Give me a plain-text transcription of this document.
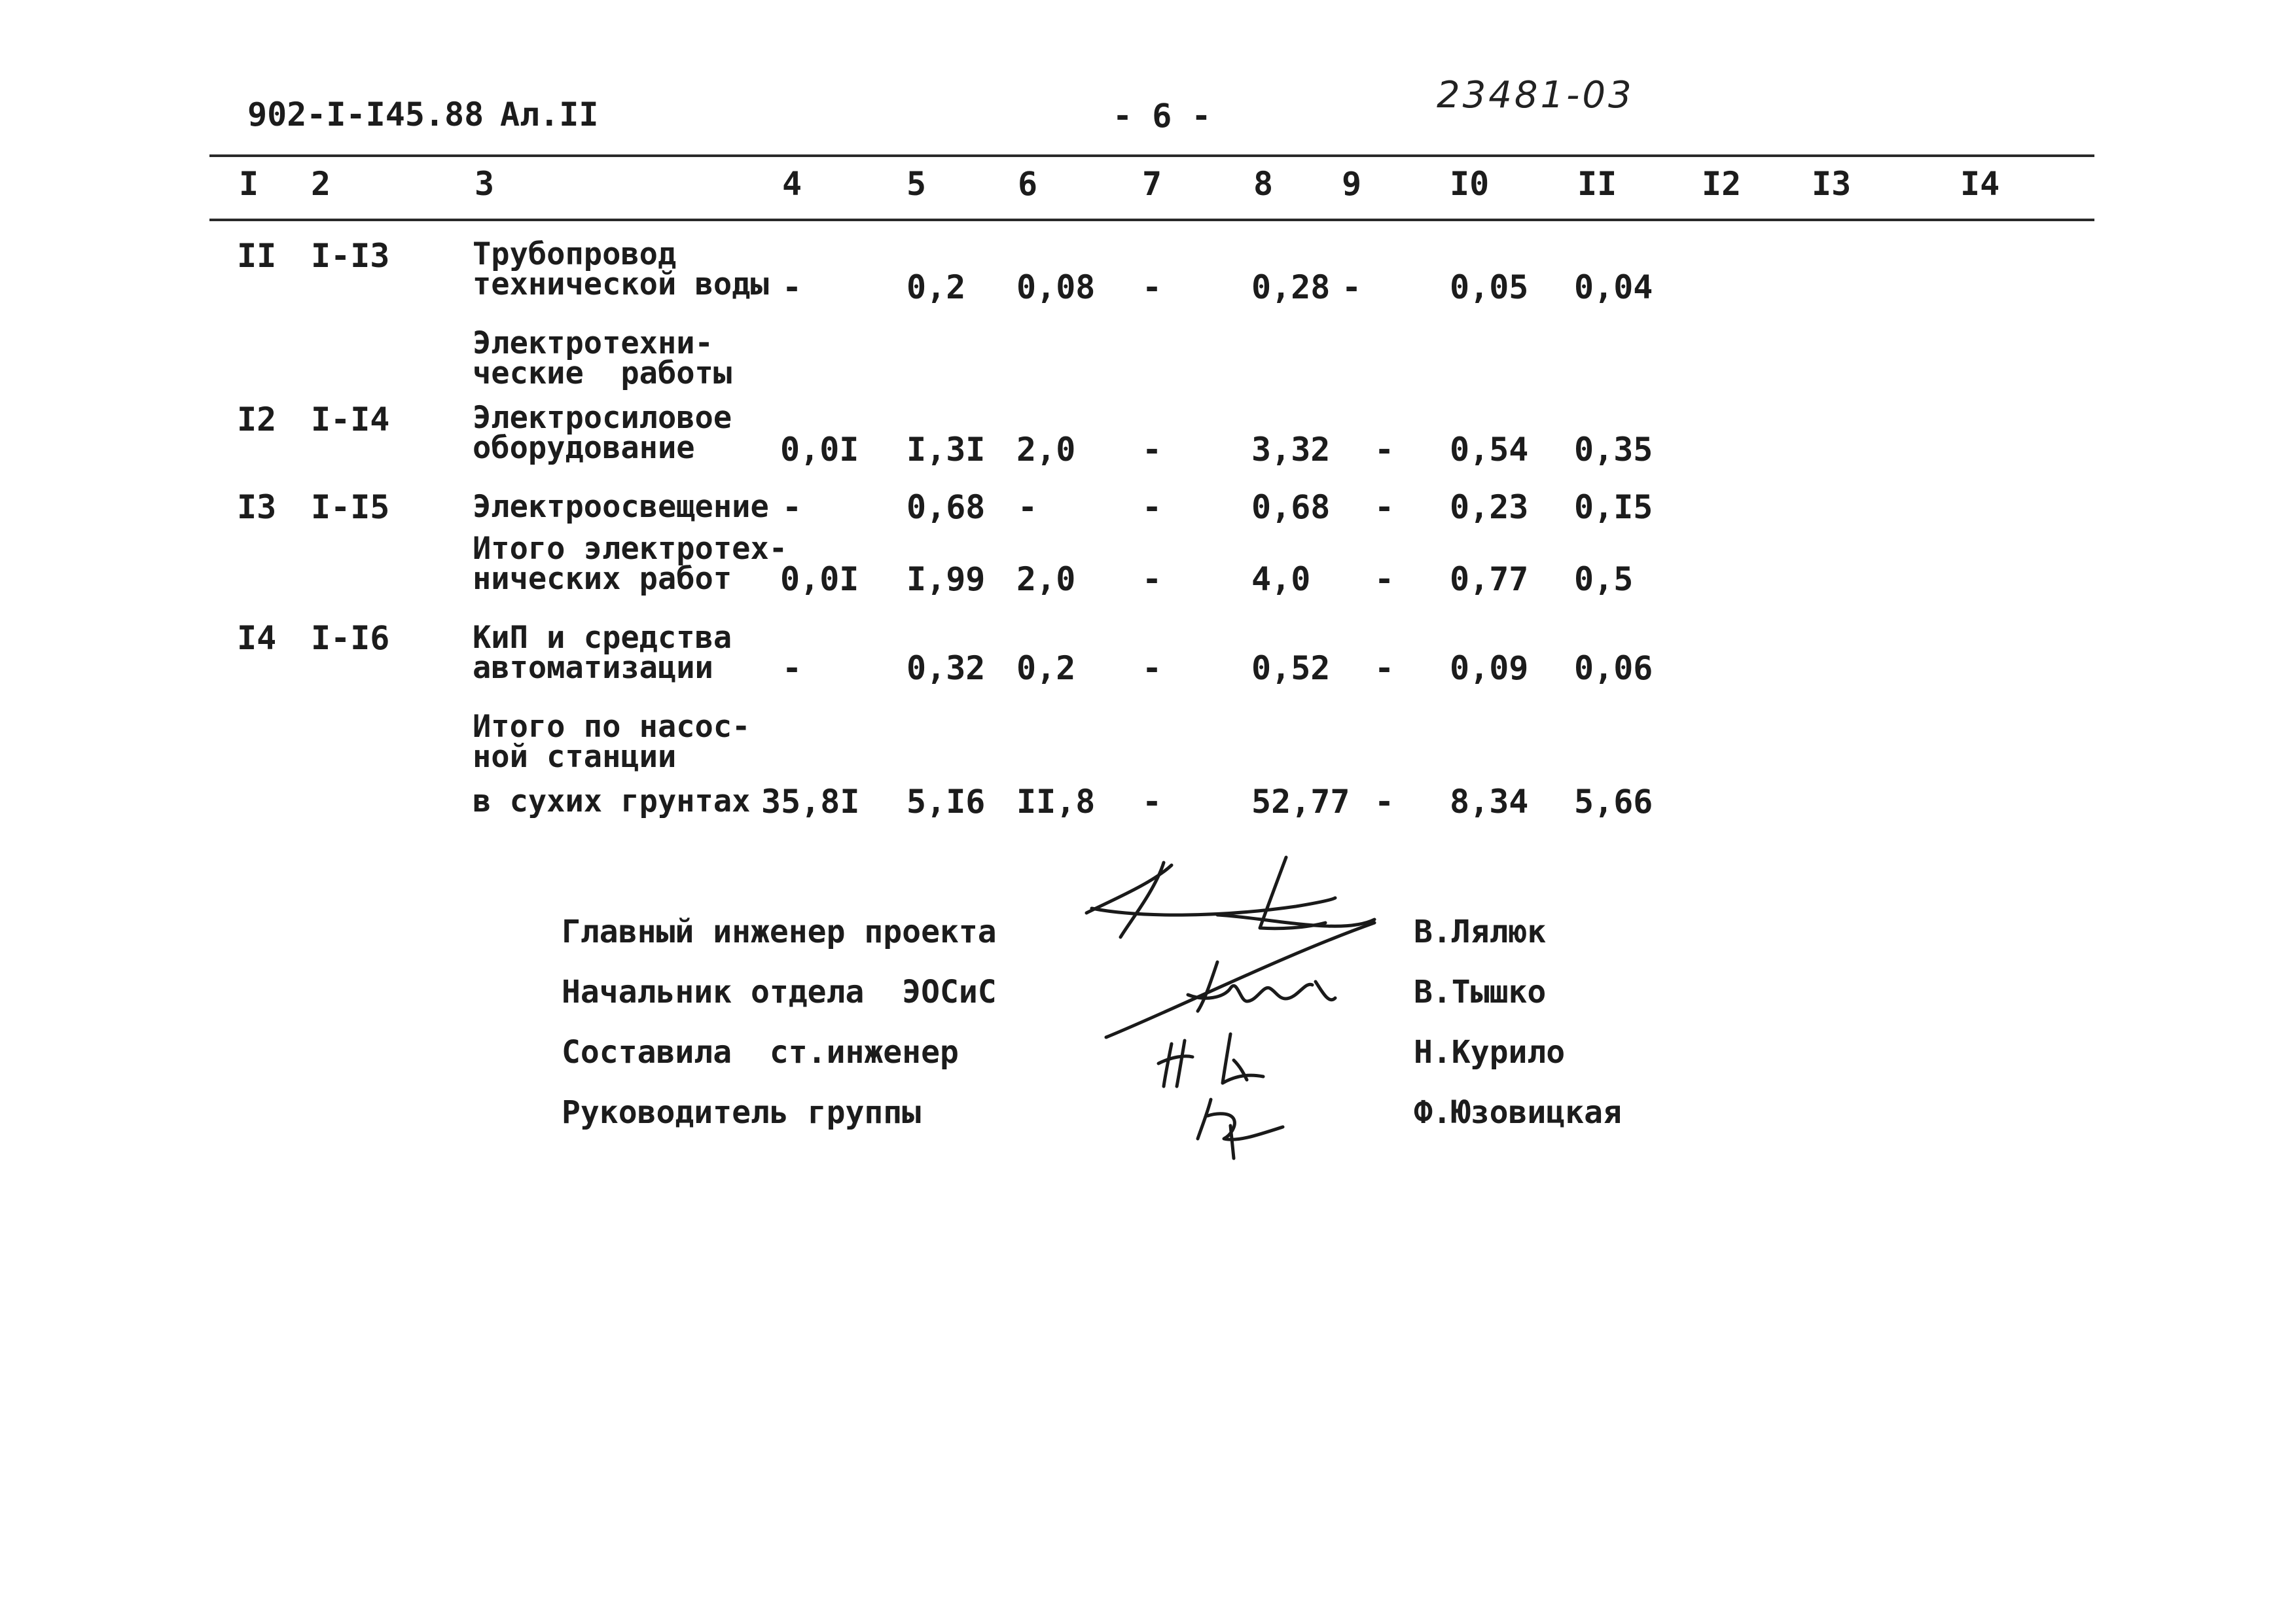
902-I-I45.88 Ал.II	- 6 -	23481-03
I 2	3	4	5	6	7	8 9	I0	II	I2 I3	I4
II I-I3	Трубопровод
технической воды -	0,2 0,08 -	0,28 -	0,05 0,04
Электротехни-
ческие  работы
I2 I-I4	Электросиловое
оборудование	0,0I I,3I 2,0 -	3,32 - 0,54 0,35
I3 I-I5	Электроосвещение -	0,68 -	-	0,68 - 0,23 0,I5
Итого электротех-
нических работ 0,0I I,99 2,0 -	4,0 - 0,77 0,5
I4 I-I6	КиП и средства
автоматизации -	0,32 0,2 -	0,52 - 0,09 0,06
Итого по насос-
ной станции
в сухих грунтах 35,8I 5,I6 II,8 -	52,77 - 8,34 5,66
Главный инженер проекта	В.Лялюк
Начальник отдела  ЭОСиС	В.Тышко
Составила  ст.инженер	Н.Курило
Руководитель группы	Ф.Юзовицкая
